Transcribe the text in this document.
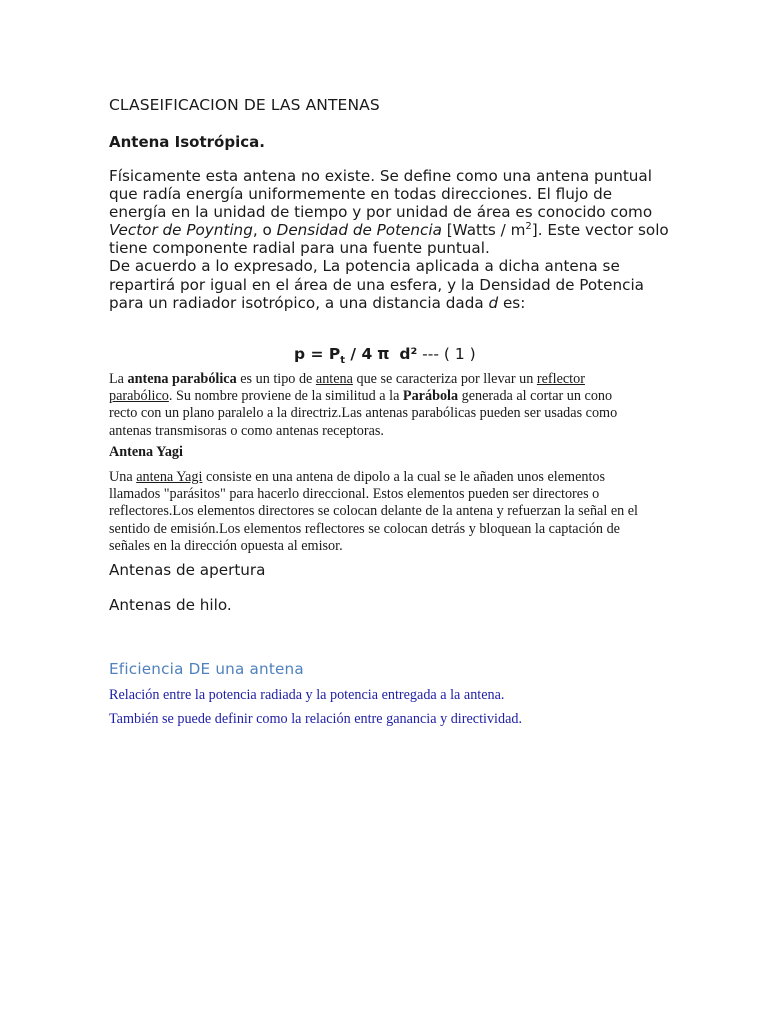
CLASEIFICACION DE LAS ANTENAS
Antena Isotrópica.

Físicamente esta antena no existe. Se define como una antena puntual que radía energía uniformemente en todas direcciones. El flujo de energía en la unidad de tiempo y por unidad de área es conocido como Vector de Poynting, o Densidad de Potencia [Watts / $m^2$]. Este vector solo tiene componente radial para una fuente puntual.

De acuerdo a lo expresado, La potencia aplicada a dicha antena se repartirá por igual en el área de una esfera, y la Densidad de Potencia para un radiador isotrópico, a una distancia dada d es:

$p = P_t / 4$ π d² --- ( 1 )
La antena parabólica es un tipo de antena que se caracteriza por llevar un reflector parabólico. Su nombre proviene de la similitud a la Parábola generada al cortar un cono recto con un plano paralelo a la directriz.Las antenas parabólicas pueden ser usadas como antenas transmisoras o como antenas receptoras.
Antena Yagi
Una antena Yagi consiste en una antena de dipolo a la cual se le añaden unos elementos llamados "parásitos" para hacerlo direccional. Estos elementos pueden ser directores o reflectores.Los elementos directores se colocan delante de la antena y refuerzan la señal en el sentido de emisión.Los elementos reflectores se colocan detrás y bloquean la captación de señales en la dirección opuesta al emisor.
Antenas de apertura
Antenas de hilo.
Eficiencia DE una antena
Relación entre la potencia radiada y la potencia entregada a la antena.
También se puede definir como la relación entre ganancia y directividad.
